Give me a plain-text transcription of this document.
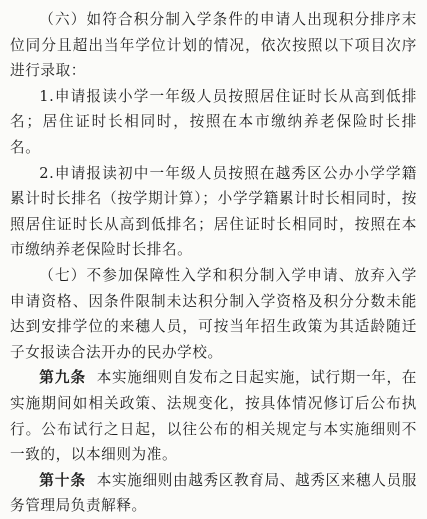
（六）如符合积分制入学条件的申请人出现积分排序末位同分且超出当年学位计划的情况，依次按照以下项目次序进行录取：

1.申请报读小学一年级人员按照居住证时长从高到低排名；居住证时长相同时，按照在本市缴纳养老保险时长排名。

2.申请报读初中一年级人员按照在越秀区公办小学学籍累计时长排名（按学期计算）；小学学籍累计时长相同时，按照居住证时长从高到低排名；居住证时长相同时，按照在本市缴纳养老保险时长排名。

（七）不参加保障性入学和积分制入学申请、放弃入学申请资格、因条件限制未达积分制入学资格及积分分数未能达到安排学位的来穗人员，可按当年招生政策为其适龄随迁子女报读合法开办的民办学校。

第九条 本实施细则自发布之日起实施，试行期一年，在实施期间如相关政策、法规变化，按具体情况修订后公布执行。公布试行之日起，以往公布的相关规定与本实施细则不一致的，以本细则为准。

第十条 本实施细则由越秀区教育局、越秀区来穗人员服务管理局负责解释。
